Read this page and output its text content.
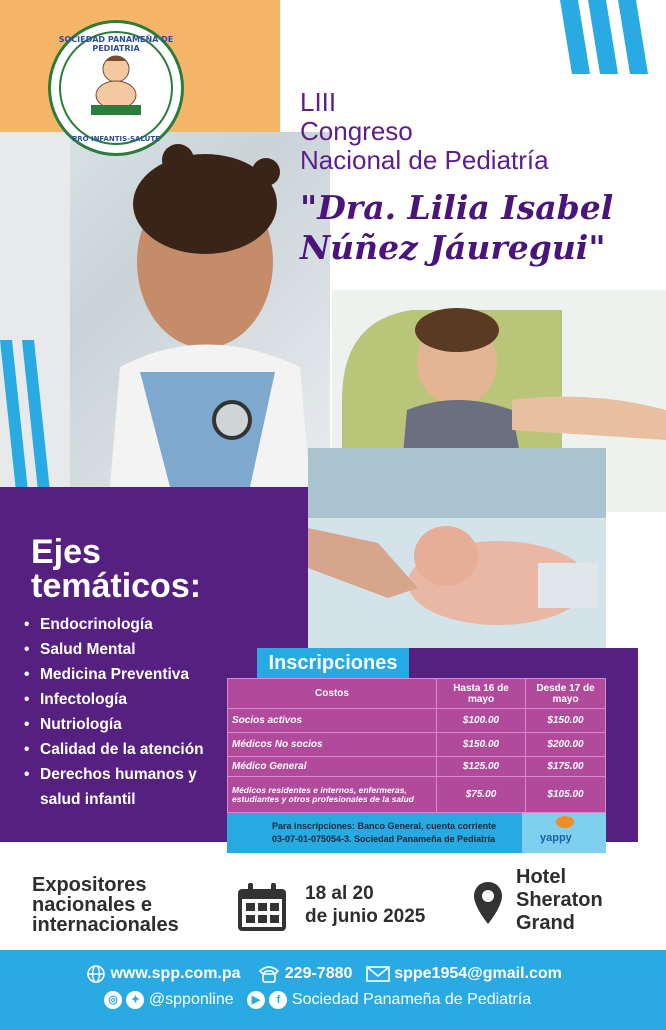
SOCIEDAD PANAMEÑA DE PEDIATRIA
PRO INFANTIS-SALUTE
LIII
Congreso
Nacional de Pediatría
"Dra. Lilia Isabel
Núñez Jáuregui"
Ejes
temáticos:
• Endocrinología
• Salud Mental
• Medicina Preventiva
• Infectología
• Nutriología
• Calidad de la atención
• Derechos humanos y
salud infantil
Inscripciones
Costos	Hasta 16 de mayo	Desde 17 de mayo
Socios activos	$100.00	$150.00
Médicos No socios	$150.00	$200.00
Médico General	$125.00	$175.00
Médicos residentes e internos, enfermeras, estudiantes y otros profesionales de la salud	$75.00	$105.00
Para inscripciones: Banco General, cuenta corriente
03-07-01-075054-3. Sociedad Panameña de Pediatría	yappy
Expositores
nacionales e
internacionales
18 al 20
de junio 2025
Hotel
Sheraton
Grand
www.spp.com.pa	229-7880	sppe1954@gmail.com
◎ ✦ @spponline ▶ f Sociedad Panameña de Pediatría
